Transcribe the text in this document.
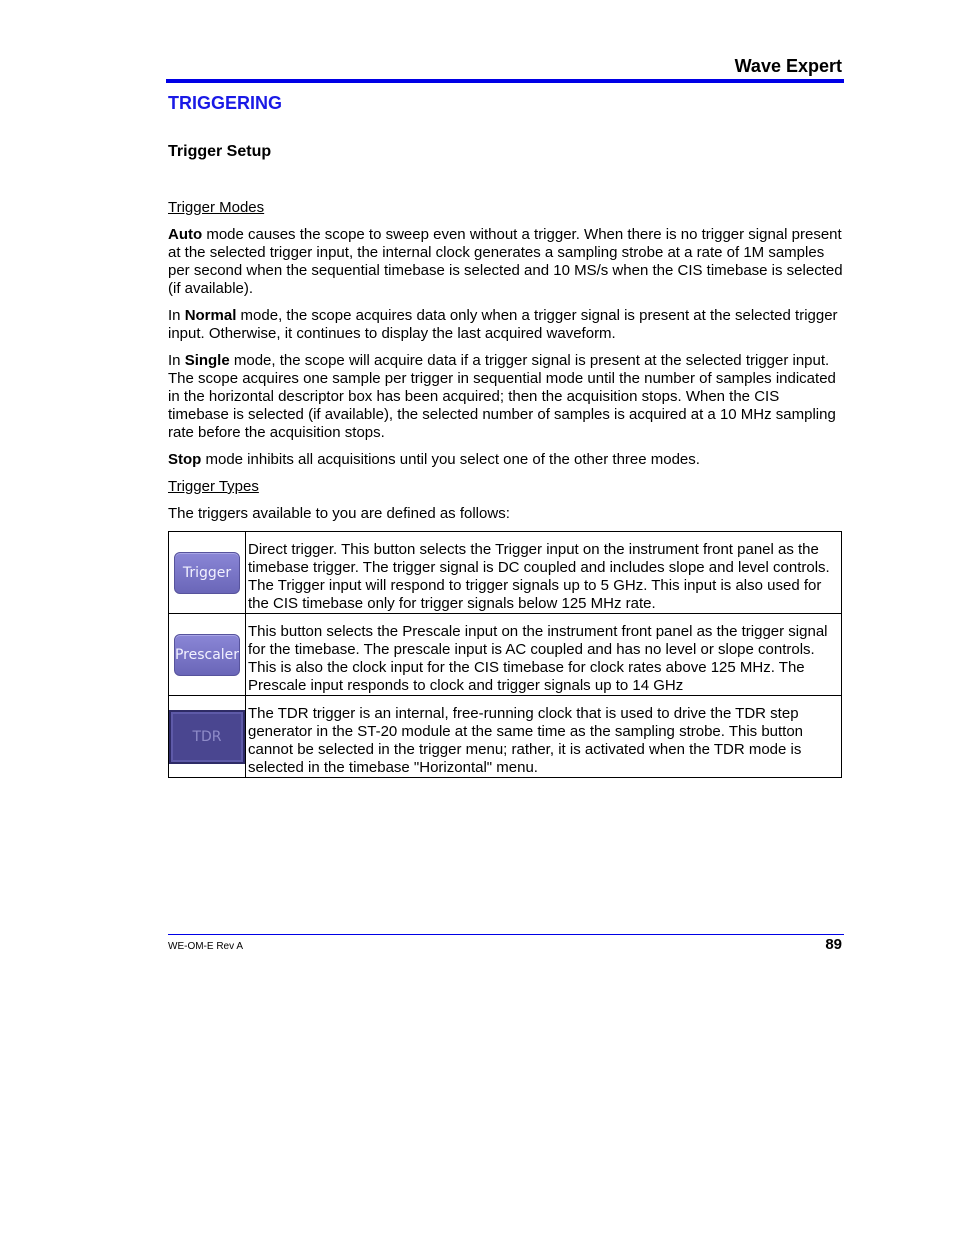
Wave Expert
TRIGGERING
Trigger Setup

Trigger Modes

Auto mode causes the scope to sweep even without a trigger. When there is no trigger signal present at the selected trigger input, the internal clock generates a sampling strobe at a rate of 1M samples per second when the sequential timebase is selected and 10 MS/s when the CIS timebase is selected (if available).

In Normal mode, the scope acquires data only when a trigger signal is present at the selected trigger input. Otherwise, it continues to display the last acquired waveform.

In Single mode, the scope will acquire data if a trigger signal is present at the selected trigger input. The scope acquires one sample per trigger in sequential mode until the number of samples indicated in the horizontal descriptor box has been acquired; then the acquisition stops. When the CIS timebase is selected (if available), the selected number of samples is acquired at a 10 MHz sampling rate before the acquisition stops.

Stop mode inhibits all acquisitions until you select one of the other three modes.

Trigger Types

The triggers available to you are defined as follows:

Trigger	Direct trigger. This button selects the Trigger input on the instrument front panel as the timebase trigger. The trigger signal is DC coupled and includes slope and level controls. The Trigger input will respond to trigger signals up to 5 GHz. This input is also used for the CIS timebase only for trigger signals below 125 MHz rate.

Prescaler	This button selects the Prescale input on the instrument front panel as the trigger signal for the timebase. The prescale input is AC coupled and has no level or slope controls. This is also the clock input for the CIS timebase for clock rates above 125 MHz. The Prescale input responds to clock and trigger signals up to 14 GHz

TDR	The TDR trigger is an internal, free-running clock that is used to drive the TDR step generator in the ST-20 module at the same time as the sampling strobe. This button cannot be selected in the trigger menu; rather, it is activated when the TDR mode is selected in the timebase "Horizontal" menu.
WE-OM-E Rev A	89
